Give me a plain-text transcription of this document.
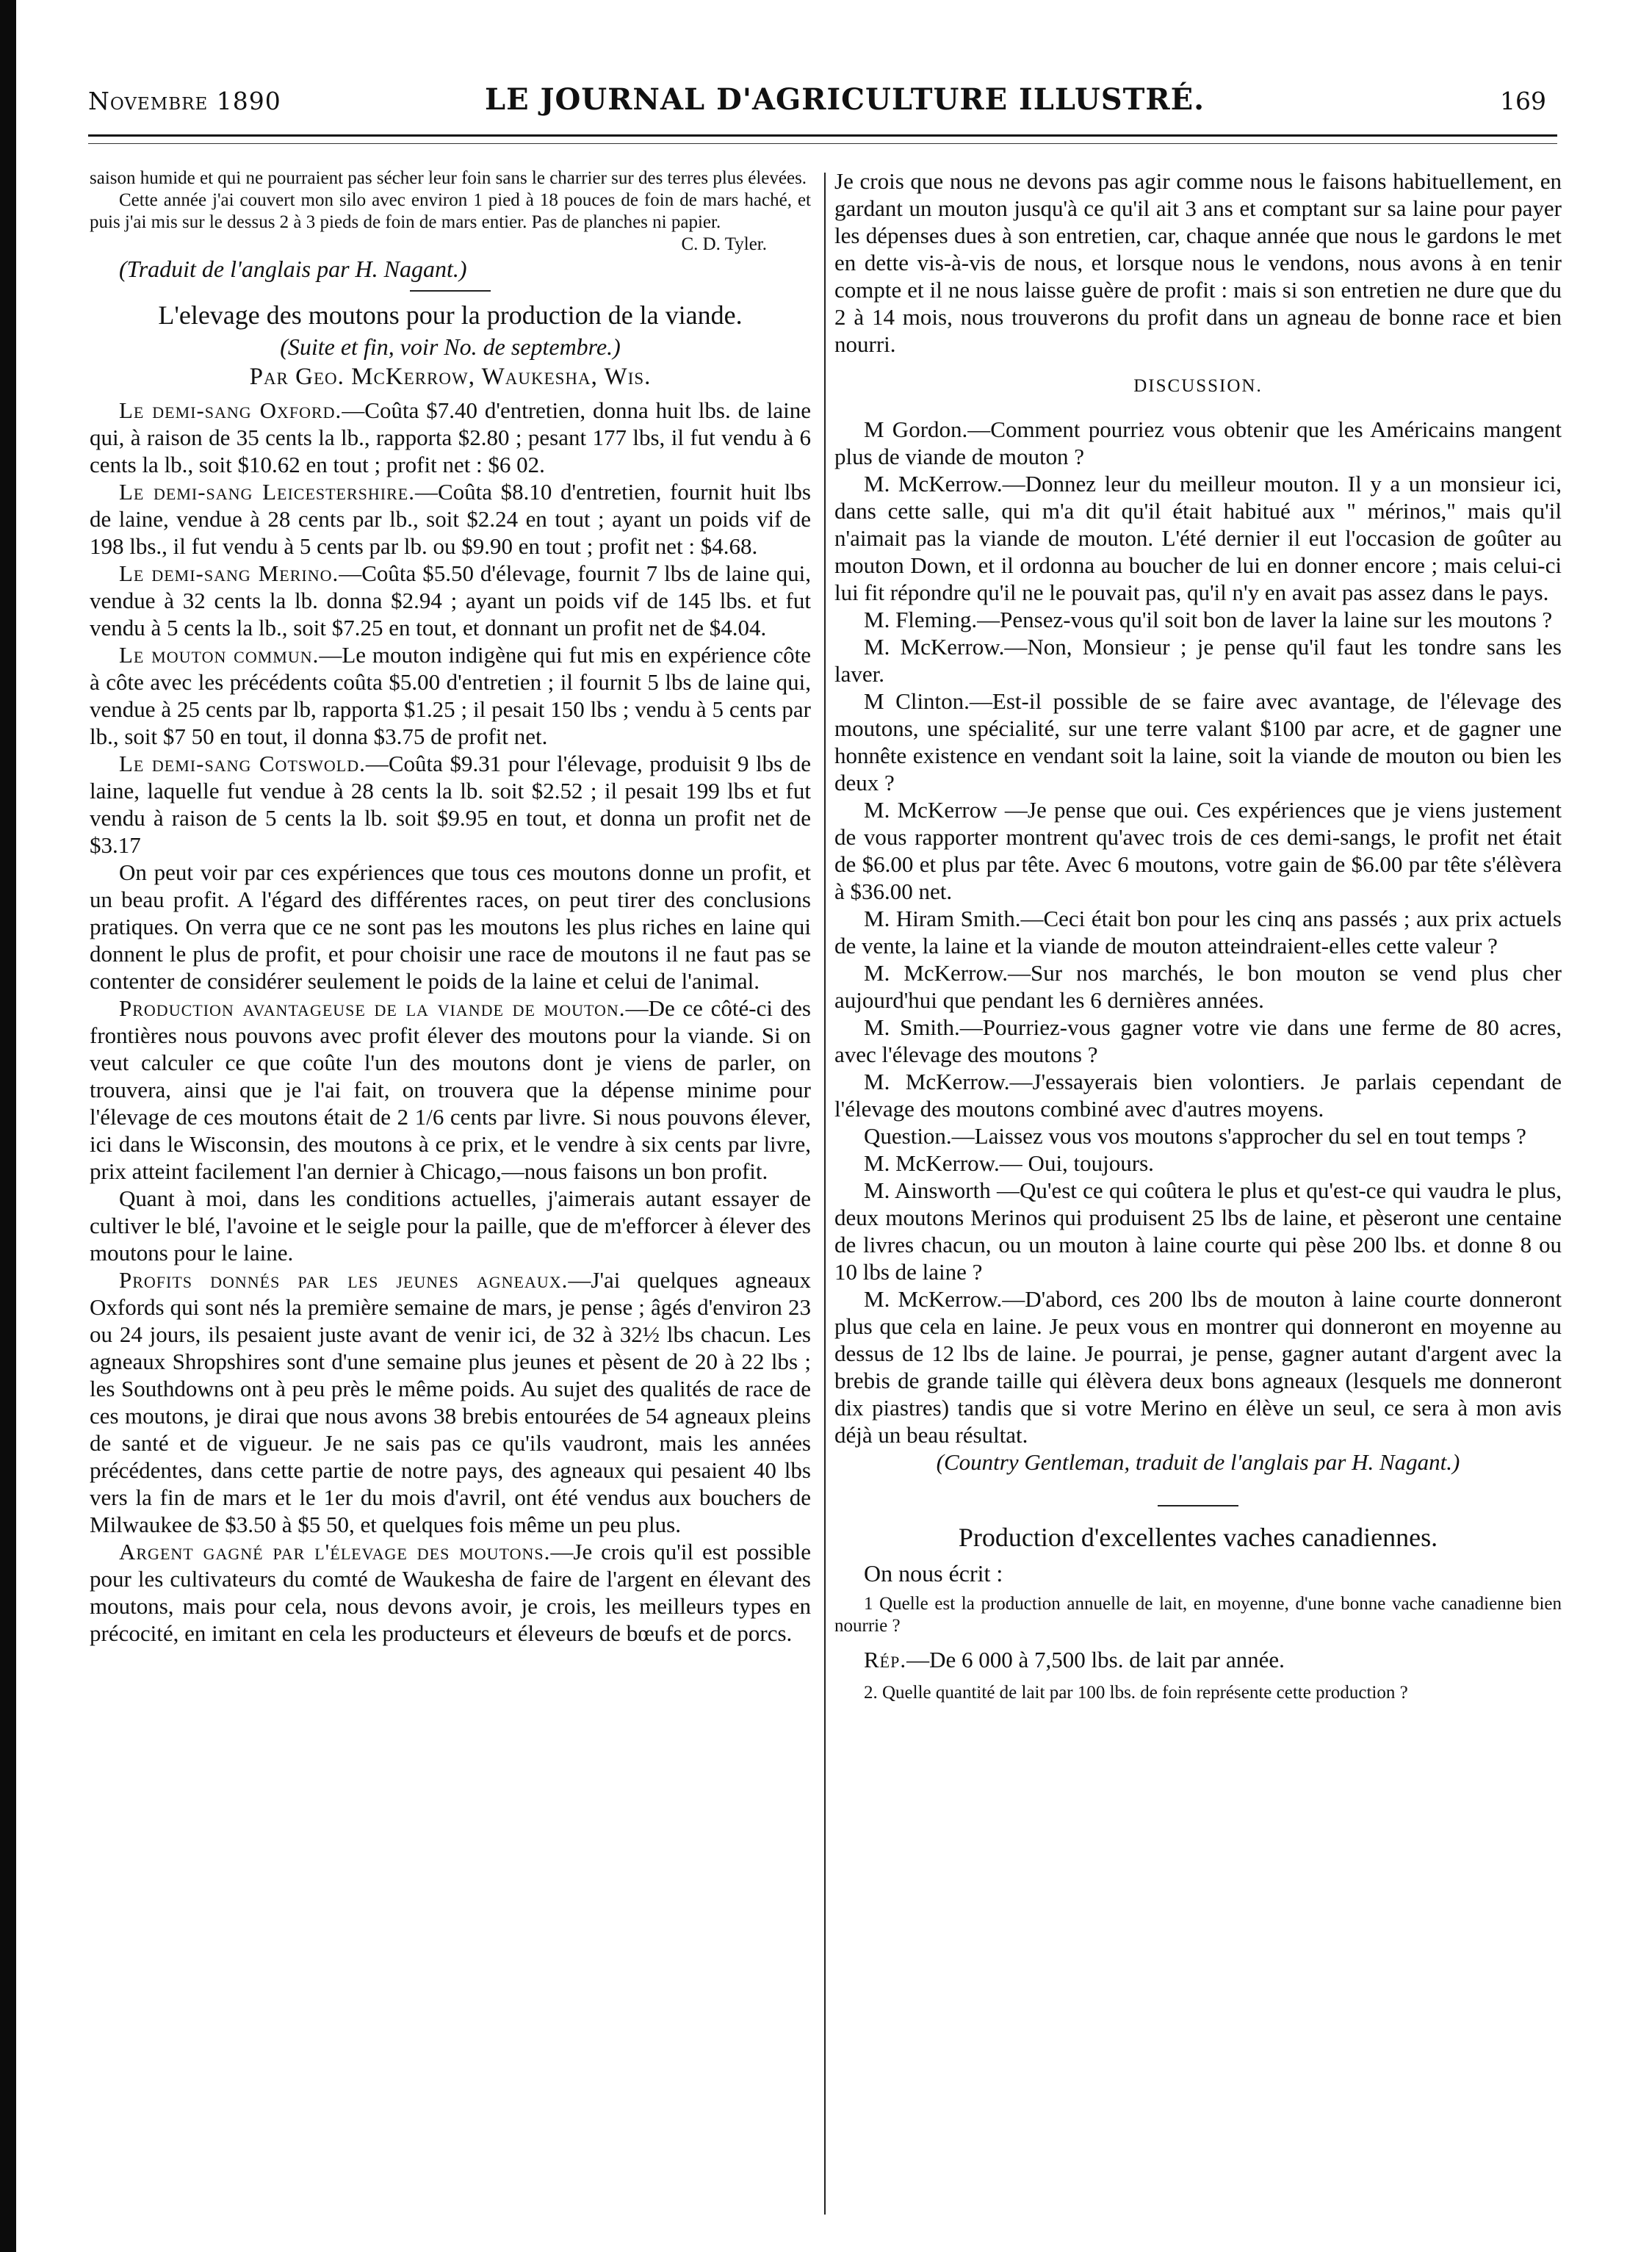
Novembre 1890	LE JOURNAL D'AGRICULTURE ILLUSTRÉ.	169

saison humide et qui ne pourraient pas sécher leur foin sans le charrier sur des terres plus élevées.

Cette année j'ai couvert mon silo avec environ 1 pied à 18 pouces de foin de mars haché, et puis j'ai mis sur le dessus 2 à 3 pieds de foin de mars entier. Pas de planches ni papier.

C. D. Tyler.

(Traduit de l'anglais par H. Nagant.)

L'elevage des moutons pour la production de la viande.
(Suite et fin, voir No. de septembre.)
Par Geo. McKerrow, Waukesha, Wis.

Le demi-sang Oxford.—Coûta $7.40 d'entretien, donna huit lbs. de laine qui, à raison de 35 cents la lb., rapporta $2.80 ; pesant 177 lbs, il fut vendu à 6 cents la lb., soit $10.62 en tout ; profit net : $6 02.

Le demi-sang Leicestershire.—Coûta $8.10 d'entretien, fournit huit lbs de laine, vendue à 28 cents par lb., soit $2.24 en tout ; ayant un poids vif de 198 lbs., il fut vendu à 5 cents par lb. ou $9.90 en tout ; profit net : $4.68.

Le demi-sang Merino.—Coûta $5.50 d'élevage, fournit 7 lbs de laine qui, vendue à 32 cents la lb. donna $2.94 ; ayant un poids vif de 145 lbs. et fut vendu à 5 cents la lb., soit $7.25 en tout, et donnant un profit net de $4.04.

Le mouton commun.—Le mouton indigène qui fut mis en expérience côte à côte avec les précédents coûta $5.00 d'entretien ; il fournit 5 lbs de laine qui, vendue à 25 cents par lb, rapporta $1.25 ; il pesait 150 lbs ; vendu à 5 cents par lb., soit $7 50 en tout, il donna $3.75 de profit net.

Le demi-sang Cotswold.—Coûta $9.31 pour l'élevage, produisit 9 lbs de laine, laquelle fut vendue à 28 cents la lb. soit $2.52 ; il pesait 199 lbs et fut vendu à raison de 5 cents la lb. soit $9.95 en tout, et donna un profit net de $3.17

On peut voir par ces expériences que tous ces moutons donne un profit, et un beau profit. A l'égard des différentes races, on peut tirer des conclusions pratiques. On verra que ce ne sont pas les moutons les plus riches en laine qui donnent le plus de profit, et pour choisir une race de moutons il ne faut pas se contenter de considérer seulement le poids de la laine et celui de l'animal.

Production avantageuse de la viande de mouton.—De ce côté-ci des frontières nous pouvons avec profit élever des moutons pour la viande. Si on veut calculer ce que coûte l'un des moutons dont je viens de parler, on trouvera, ainsi que je l'ai fait, on trouvera que la dépense minime pour l'élevage de ces moutons était de 2 1/6 cents par livre. Si nous pouvons élever, ici dans le Wisconsin, des moutons à ce prix, et le vendre à six cents par livre, prix atteint facilement l'an dernier à Chicago,—nous faisons un bon profit.

Quant à moi, dans les conditions actuelles, j'aimerais autant essayer de cultiver le blé, l'avoine et le seigle pour la paille, que de m'efforcer à élever des moutons pour le laine.

Profits donnés par les jeunes agneaux.—J'ai quelques agneaux Oxfords qui sont nés la première semaine de mars, je pense ; âgés d'environ 23 ou 24 jours, ils pesaient juste avant de venir ici, de 32 à 32½ lbs chacun. Les agneaux Shropshires sont d'une semaine plus jeunes et pèsent de 20 à 22 lbs ; les Southdowns ont à peu près le même poids. Au sujet des qualités de race de ces moutons, je dirai que nous avons 38 brebis entourées de 54 agneaux pleins de santé et de vigueur. Je ne sais pas ce qu'ils vaudront, mais les années précédentes, dans cette partie de notre pays, des agneaux qui pesaient 40 lbs vers la fin de mars et le 1er du mois d'avril, ont été vendus aux bouchers de Milwaukee de $3.50 à $5 50, et quelques fois même un peu plus.

Argent gagné par l'élevage des moutons.—Je crois qu'il est possible pour les cultivateurs du comté de Waukesha de faire de l'argent en élevant des moutons, mais pour cela, nous devons avoir, je crois, les meilleurs types en précocité, en imitant en cela les producteurs et éleveurs de bœufs et de porcs.

Je crois que nous ne devons pas agir comme nous le faisons habituellement, en gardant un mouton jusqu'à ce qu'il ait 3 ans et comptant sur sa laine pour payer les dépenses dues à son entretien, car, chaque année que nous le gardons le met en dette vis-à-vis de nous, et lorsque nous le vendons, nous avons à en tenir compte et il ne nous laisse guère de profit : mais si son entretien ne dure que du 2 à 14 mois, nous trouverons du profit dans un agneau de bonne race et bien nourri.

DISCUSSION.

M Gordon.—Comment pourriez vous obtenir que les Américains mangent plus de viande de mouton ?

M. McKerrow.—Donnez leur du meilleur mouton. Il y a un monsieur ici, dans cette salle, qui m'a dit qu'il était habitué aux " mérinos," mais qu'il n'aimait pas la viande de mouton. L'été dernier il eut l'occasion de goûter au mouton Down, et il ordonna au boucher de lui en donner encore ; mais celui-ci lui fit répondre qu'il ne le pouvait pas, qu'il n'y en avait pas assez dans le pays.

M. Fleming.—Pensez-vous qu'il soit bon de laver la laine sur les moutons ?

M. McKerrow.—Non, Monsieur ; je pense qu'il faut les tondre sans les laver.

M Clinton.—Est-il possible de se faire avec avantage, de l'élevage des moutons, une spécialité, sur une terre valant $100 par acre, et de gagner une honnête existence en vendant soit la laine, soit la viande de mouton ou bien les deux ?

M. McKerrow —Je pense que oui. Ces expériences que je viens justement de vous rapporter montrent qu'avec trois de ces demi-sangs, le profit net était de $6.00 et plus par tête. Avec 6 moutons, votre gain de $6.00 par tête s'élèvera à $36.00 net.

M. Hiram Smith.—Ceci était bon pour les cinq ans passés ; aux prix actuels de vente, la laine et la viande de mouton atteindraient-elles cette valeur ?

M. McKerrow.—Sur nos marchés, le bon mouton se vend plus cher aujourd'hui que pendant les 6 dernières années.

M. Smith.—Pourriez-vous gagner votre vie dans une ferme de 80 acres, avec l'élevage des moutons ?

M. McKerrow.—J'essayerais bien volontiers. Je parlais cependant de l'élevage des moutons combiné avec d'autres moyens.

Question.—Laissez vous vos moutons s'approcher du sel en tout temps ?

M. McKerrow.— Oui, toujours.

M. Ainsworth —Qu'est ce qui coûtera le plus et qu'est-ce qui vaudra le plus, deux moutons Merinos qui produisent 25 lbs de laine, et pèseront une centaine de livres chacun, ou un mouton à laine courte qui pèse 200 lbs. et donne 8 ou 10 lbs de laine ?

M. McKerrow.—D'abord, ces 200 lbs de mouton à laine courte donneront plus que cela en laine. Je peux vous en montrer qui donneront en moyenne au dessus de 12 lbs de laine. Je pourrai, je pense, gagner autant d'argent avec la brebis de grande taille qui élèvera deux bons agneaux (lesquels me donneront dix piastres) tandis que si votre Merino en élève un seul, ce sera à mon avis déjà un beau résultat.

(Country Gentleman, traduit de l'anglais par H. Nagant.)

Production d'excellentes vaches canadiennes.

On nous écrit :

1 Quelle est la production annuelle de lait, en moyenne, d'une bonne vache canadienne bien nourrie ?

Rép.—De 6 000 à 7,500 lbs. de lait par année.

2. Quelle quantité de lait par 100 lbs. de foin représente cette production ?
